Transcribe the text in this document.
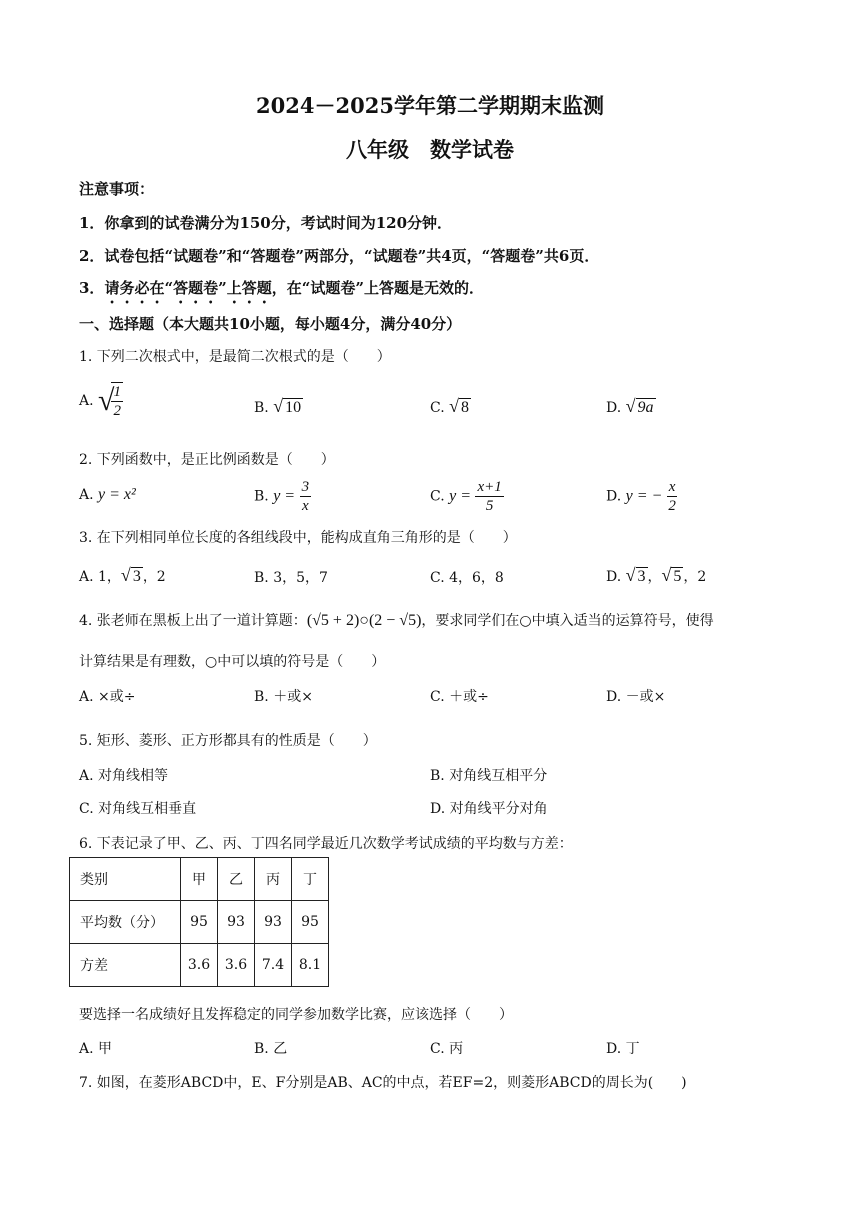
2024－2025学年第二学期期末监测
八年级　数学试卷
注意事项：
1．你拿到的试卷满分为150分，考试时间为120分钟．
2．试卷包括“试题卷”和“答题卷”两部分，“试题卷”共4页，“答题卷”共6页．
3．请务必在“答题卷”上答题，在“试题卷”上答题是无效的．
一、选择题（本大题共10小题，每小题4分，满分40分）
1. 下列二次根式中，是最简二次根式的是（　　）
A. √
$\frac{1}{2}$	B. √ 10	C. √ 8	D. √ 9a
2. 下列函数中，是正比例函数是（　　）
A. y = x²	B. $y = \frac{3}{x}$	C. $y = \frac{x+1}{5}$	D. y = − $\frac{x}{2}$
3. 在下列相同单位长度的各组线段中，能构成直角三角形的是（　　）
A. 1，√ 3 ，2	B. 3，5，7	C. 4，6，8	D. √ 3 ，√ 5 ，2
4. 张老师在黑板上出了一道计算题：(√5 + 2)○(2 − √5)，要求同学们在○中填入适当的运算符号，使得
计算结果是有理数，○中可以填的符号是（　　）
A. ×或÷	B. ＋或×	C. ＋或÷	D. －或×
5. 矩形、菱形、正方形都具有的性质是（　　）
A. 对角线相等	B. 对角线互相平分
C. 对角线互相垂直	D. 对角线平分对角
6. 下表记录了甲、乙、丙、丁四名同学最近几次数学考试成绩的平均数与方差：
类别	甲	乙	丙	丁
平均数（分）	95	93	93	95
方差	3.6	3.6	7.4	8.1
要选择一名成绩好且发挥稳定的同学参加数学比赛，应该选择（　　）
A. 甲	B. 乙	C. 丙	D. 丁
7. 如图，在菱形ABCD中，E、F分别是AB、AC的中点，若EF=2，则菱形ABCD的周长为(　　)
